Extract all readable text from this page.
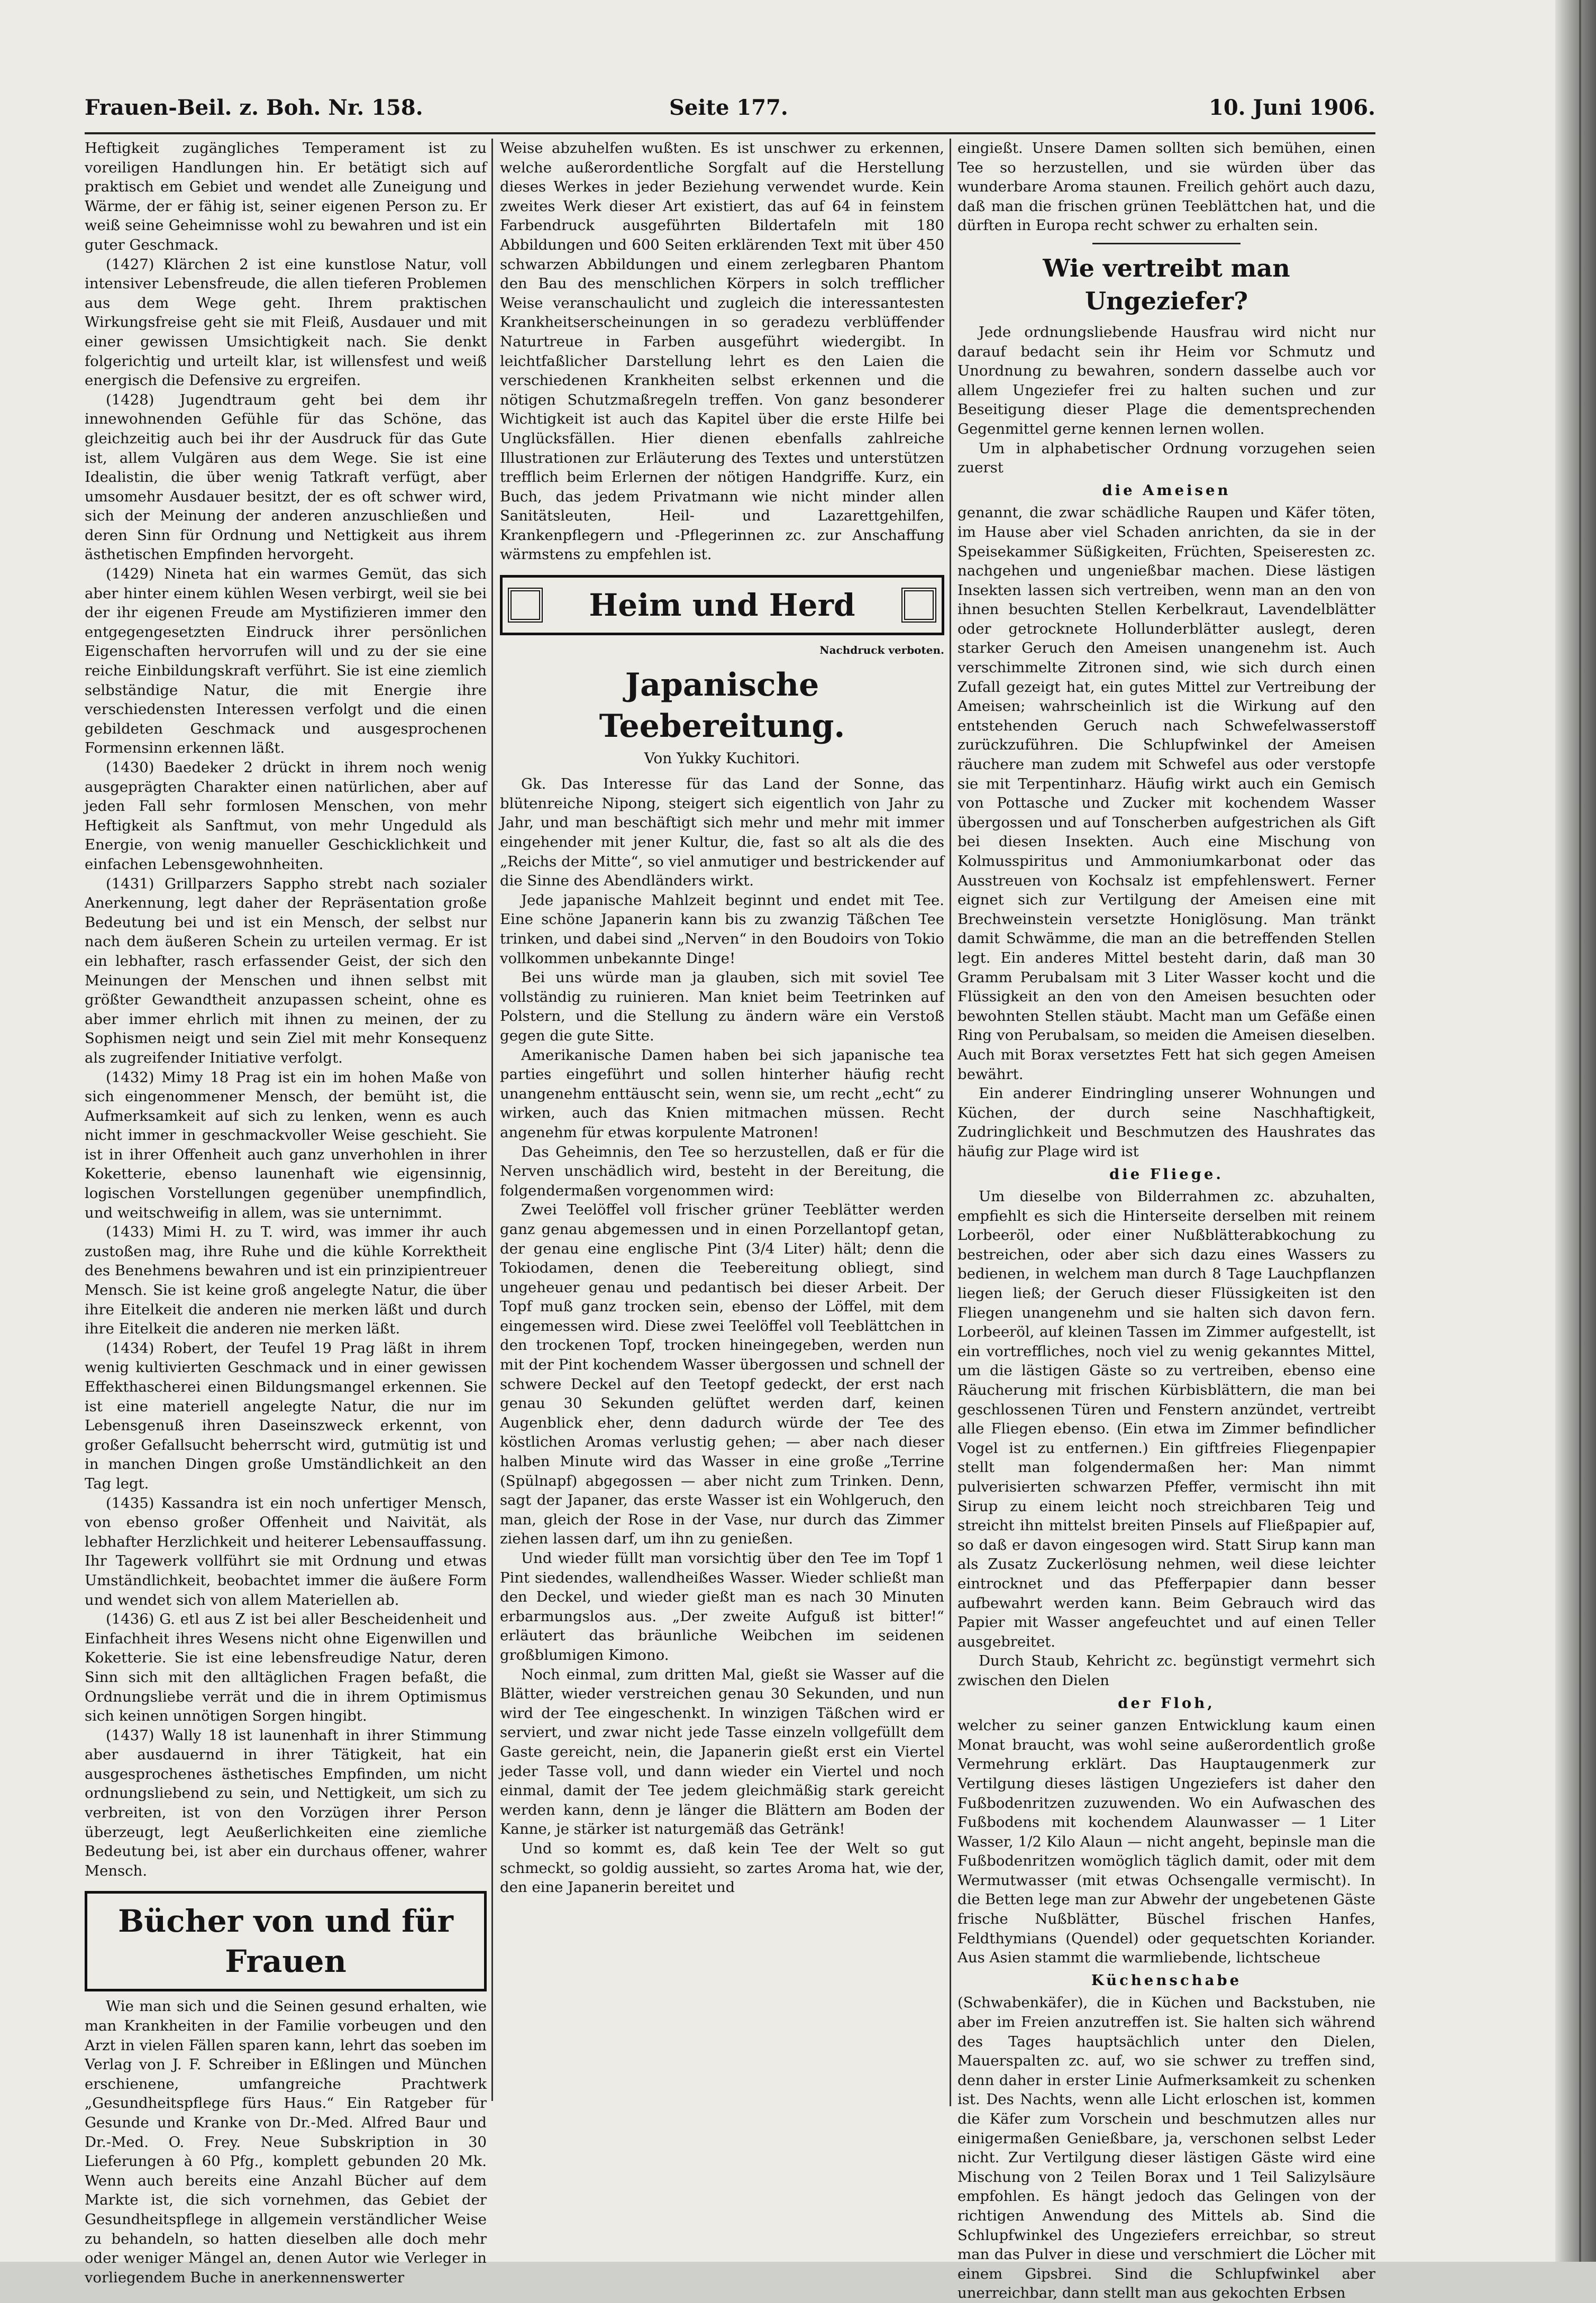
Frauen-Beil. z. Boh. Nr. 158.	Seite 177.	10. Juni 1906.

Heftigkeit zugängliches Temperament ist zu voreiligen Handlungen hin. Er betätigt sich auf praktisch em Gebiet und wendet alle Zuneigung und Wärme, der er fähig ist, seiner eigenen Person zu. Er weiß seine Geheimnisse wohl zu bewahren und ist ein guter Geschmack.

(1427) Klärchen 2 ist eine kunstlose Natur, voll intensiver Lebensfreude, die allen tieferen Problemen aus dem Wege geht. Ihrem praktischen Wirkungsfreise geht sie mit Fleiß, Ausdauer und mit einer gewissen Umsichtigkeit nach. Sie denkt folgerichtig und urteilt klar, ist willensfest und weiß energisch die Defensive zu ergreifen.

(1428) Jugendtraum geht bei dem ihr innewohnenden Gefühle für das Schöne, das gleichzeitig auch bei ihr der Ausdruck für das Gute ist, allem Vulgären aus dem Wege. Sie ist eine Idealistin, die über wenig Tatkraft verfügt, aber umsomehr Ausdauer besitzt, der es oft schwer wird, sich der Meinung der anderen anzuschließen und deren Sinn für Ordnung und Nettigkeit aus ihrem ästhetischen Empfinden hervorgeht.

(1429) Nineta hat ein warmes Gemüt, das sich aber hinter einem kühlen Wesen verbirgt, weil sie bei der ihr eigenen Freude am Mystifizieren immer den entgegengesetzten Eindruck ihrer persönlichen Eigenschaften hervorrufen will und zu der sie eine reiche Einbildungskraft verführt. Sie ist eine ziemlich selbständige Natur, die mit Energie ihre verschiedensten Interessen verfolgt und die einen gebildeten Geschmack und ausgesprochenen Formensinn erkennen läßt.

(1430) Baedeker 2 drückt in ihrem noch wenig ausgeprägten Charakter einen natürlichen, aber auf jeden Fall sehr formlosen Menschen, von mehr Heftigkeit als Sanftmut, von mehr Ungeduld als Energie, von wenig manueller Geschicklichkeit und einfachen Lebensgewohnheiten.

(1431) Grillparzers Sappho strebt nach sozialer Anerkennung, legt daher der Repräsentation große Bedeutung bei und ist ein Mensch, der selbst nur nach dem äußeren Schein zu urteilen vermag. Er ist ein lebhafter, rasch erfassender Geist, der sich den Meinungen der Menschen und ihnen selbst mit größter Gewandtheit anzupassen scheint, ohne es aber immer ehrlich mit ihnen zu meinen, der zu Sophismen neigt und sein Ziel mit mehr Konsequenz als zugreifender Initiative verfolgt.

(1432) Mimy 18 Prag ist ein im hohen Maße von sich eingenommener Mensch, der bemüht ist, die Aufmerksamkeit auf sich zu lenken, wenn es auch nicht immer in geschmackvoller Weise geschieht. Sie ist in ihrer Offenheit auch ganz unverhohlen in ihrer Koketterie, ebenso launenhaft wie eigensinnig, logischen Vorstellungen gegenüber unempfindlich, und weitschweifig in allem, was sie unternimmt.

(1433) Mimi H. zu T. wird, was immer ihr auch zustoßen mag, ihre Ruhe und die kühle Korrektheit des Benehmens bewahren und ist ein prinzipientreuer Mensch. Sie ist keine groß angelegte Natur, die über ihre Eitelkeit die anderen nie merken läßt und durch ihre Eitelkeit die anderen nie merken läßt.

(1434) Robert, der Teufel 19 Prag läßt in ihrem wenig kultivierten Geschmack und in einer gewissen Effekthascherei einen Bildungsmangel erkennen. Sie ist eine materiell angelegte Natur, die nur im Lebensgenuß ihren Daseinszweck erkennt, von großer Gefallsucht beherrscht wird, gutmütig ist und in manchen Dingen große Umständlichkeit an den Tag legt.

(1435) Kassandra ist ein noch unfertiger Mensch, von ebenso großer Offenheit und Naivität, als lebhafter Herzlichkeit und heiterer Lebensauffassung. Ihr Tagewerk vollführt sie mit Ordnung und etwas Umständlichkeit, beobachtet immer die äußere Form und wendet sich von allem Materiellen ab.

(1436) G. etl aus Z ist bei aller Bescheidenheit und Einfachheit ihres Wesens nicht ohne Eigenwillen und Koketterie. Sie ist eine lebensfreudige Natur, deren Sinn sich mit den alltäglichen Fragen befaßt, die Ordnungsliebe verrät und die in ihrem Optimismus sich keinen unnötigen Sorgen hingibt.

(1437) Wally 18 ist launenhaft in ihrer Stimmung aber ausdauernd in ihrer Tätigkeit, hat ein ausgesprochenes ästhetisches Empfinden, um nicht ordnungsliebend zu sein, und Nettigkeit, um sich zu verbreiten, ist von den Vorzügen ihrer Person überzeugt, legt Aeußerlichkeiten eine ziemliche Bedeutung bei, ist aber ein durchaus offener, wahrer Mensch.

Bücher von und für Frauen

Wie man sich und die Seinen gesund erhalten, wie man Krankheiten in der Familie vorbeugen und den Arzt in vielen Fällen sparen kann, lehrt das soeben im Verlag von J. F. Schreiber in Eßlingen und München erschienene, umfangreiche Prachtwerk „Gesundheitspflege fürs Haus.“ Ein Ratgeber für Gesunde und Kranke von Dr.-Med. Alfred Baur und Dr.-Med. O. Frey. Neue Subskription in 30 Lieferungen à 60 Pfg., komplett gebunden 20 Mk. Wenn auch bereits eine Anzahl Bücher auf dem Markte ist, die sich vornehmen, das Gebiet der Gesundheitspflege in allgemein verständlicher Weise zu behandeln, so hatten dieselben alle doch mehr oder weniger Mängel an, denen Autor wie Verleger in vorliegendem Buche in anerkennenswerter

Weise abzuhelfen wußten. Es ist unschwer zu erkennen, welche außerordentliche Sorgfalt auf die Herstellung dieses Werkes in jeder Beziehung verwendet wurde. Kein zweites Werk dieser Art existiert, das auf 64 in feinstem Farbendruck ausgeführten Bildertafeln mit 180 Abbildungen und 600 Seiten erklärenden Text mit über 450 schwarzen Abbildungen und einem zerlegbaren Phantom den Bau des menschlichen Körpers in solch trefflicher Weise veranschaulicht und zugleich die interessantesten Krankheitserscheinungen in so geradezu verblüffender Naturtreue in Farben ausgeführt wiedergibt. In leichtfaßlicher Darstellung lehrt es den Laien die verschiedenen Krankheiten selbst erkennen und die nötigen Schutzmaßregeln treffen. Von ganz besonderer Wichtigkeit ist auch das Kapitel über die erste Hilfe bei Unglücksfällen. Hier dienen ebenfalls zahlreiche Illustrationen zur Erläuterung des Textes und unterstützen trefflich beim Erlernen der nötigen Handgriffe. Kurz, ein Buch, das jedem Privatmann wie nicht minder allen Sanitätsleuten, Heil- und Lazarettgehilfen, Krankenpflegern und -Pflegerinnen zc. zur Anschaffung wärmstens zu empfehlen ist.

Heim und Herd
Nachdruck verboten.
Japanische Teebereitung.
Von Yukky Kuchitori.

Gk. Das Interesse für das Land der Sonne, das blütenreiche Nipong, steigert sich eigentlich von Jahr zu Jahr, und man beschäftigt sich mehr und mehr mit immer eingehender mit jener Kultur, die, fast so alt als die des „Reichs der Mitte“, so viel anmutiger und bestrickender auf die Sinne des Abendländers wirkt.

Jede japanische Mahlzeit beginnt und endet mit Tee. Eine schöne Japanerin kann bis zu zwanzig Täßchen Tee trinken, und dabei sind „Nerven“ in den Boudoirs von Tokio vollkommen unbekannte Dinge!

Bei uns würde man ja glauben, sich mit soviel Tee vollständig zu ruinieren. Man kniet beim Teetrinken auf Polstern, und die Stellung zu ändern wäre ein Verstoß gegen die gute Sitte.

Amerikanische Damen haben bei sich japanische tea parties eingeführt und sollen hinterher häufig recht unangenehm enttäuscht sein, wenn sie, um recht „echt“ zu wirken, auch das Knien mitmachen müssen. Recht angenehm für etwas korpulente Matronen!

Das Geheimnis, den Tee so herzustellen, daß er für die Nerven unschädlich wird, besteht in der Bereitung, die folgendermaßen vorgenommen wird:

Zwei Teelöffel voll frischer grüner Teeblätter werden ganz genau abgemessen und in einen Porzellantopf getan, der genau eine englische Pint (3/4 Liter) hält; denn die Tokiodamen, denen die Teebereitung obliegt, sind ungeheuer genau und pedantisch bei dieser Arbeit. Der Topf muß ganz trocken sein, ebenso der Löffel, mit dem eingemessen wird. Diese zwei Teelöffel voll Teeblättchen in den trockenen Topf, trocken hineingegeben, werden nun mit der Pint kochendem Wasser übergossen und schnell der schwere Deckel auf den Teetopf gedeckt, der erst nach genau 30 Sekunden gelüftet werden darf, keinen Augenblick eher, denn dadurch würde der Tee des köstlichen Aromas verlustig gehen; — aber nach dieser halben Minute wird das Wasser in eine große „Terrine (Spülnapf) abgegossen — aber nicht zum Trinken. Denn, sagt der Japaner, das erste Wasser ist ein Wohlgeruch, den man, gleich der Rose in der Vase, nur durch das Zimmer ziehen lassen darf, um ihn zu genießen.

Und wieder füllt man vorsichtig über den Tee im Topf 1 Pint siedendes, wallendheißes Wasser. Wieder schließt man den Deckel, und wieder gießt man es nach 30 Minuten erbarmungslos aus. „Der zweite Aufguß ist bitter!“ erläutert das bräunliche Weibchen im seidenen großblumigen Kimono.

Noch einmal, zum dritten Mal, gießt sie Wasser auf die Blätter, wieder verstreichen genau 30 Sekunden, und nun wird der Tee eingeschenkt. In winzigen Täßchen wird er serviert, und zwar nicht jede Tasse einzeln vollgefüllt dem Gaste gereicht, nein, die Japanerin gießt erst ein Viertel jeder Tasse voll, und dann wieder ein Viertel und noch einmal, damit der Tee jedem gleichmäßig stark gereicht werden kann, denn je länger die Blättern am Boden der Kanne, je stärker ist naturgemäß das Getränk!

Und so kommt es, daß kein Tee der Welt so gut schmeckt, so goldig aussieht, so zartes Aroma hat, wie der, den eine Japanerin bereitet und

eingießt. Unsere Damen sollten sich bemühen, einen Tee so herzustellen, und sie würden über das wunderbare Aroma staunen. Freilich gehört auch dazu, daß man die frischen grünen Teeblättchen hat, und die dürften in Europa recht schwer zu erhalten sein.

Wie vertreibt man Ungeziefer?

Jede ordnungsliebende Hausfrau wird nicht nur darauf bedacht sein ihr Heim vor Schmutz und Unordnung zu bewahren, sondern dasselbe auch vor allem Ungeziefer frei zu halten suchen und zur Beseitigung dieser Plage die dementsprechenden Gegenmittel gerne kennen lernen wollen.

Um in alphabetischer Ordnung vorzugehen seien zuerst

die Ameisen

genannt, die zwar schädliche Raupen und Käfer töten, im Hause aber viel Schaden anrichten, da sie in der Speisekammer Süßigkeiten, Früchten, Speiseresten zc. nachgehen und ungenießbar machen. Diese lästigen Insekten lassen sich vertreiben, wenn man an den von ihnen besuchten Stellen Kerbelkraut, Lavendelblätter oder getrocknete Hollunderblätter auslegt, deren starker Geruch den Ameisen unangenehm ist. Auch verschimmelte Zitronen sind, wie sich durch einen Zufall gezeigt hat, ein gutes Mittel zur Vertreibung der Ameisen; wahrscheinlich ist die Wirkung auf den entstehenden Geruch nach Schwefelwasserstoff zurückzuführen. Die Schlupfwinkel der Ameisen räuchere man zudem mit Schwefel aus oder verstopfe sie mit Terpentinharz. Häufig wirkt auch ein Gemisch von Pottasche und Zucker mit kochendem Wasser übergossen und auf Tonscherben aufgestrichen als Gift bei diesen Insekten. Auch eine Mischung von Kolmusspiritus und Ammoniumkarbonat oder das Ausstreuen von Kochsalz ist empfehlenswert. Ferner eignet sich zur Vertilgung der Ameisen eine mit Brechweinstein versetzte Honiglösung. Man tränkt damit Schwämme, die man an die betreffenden Stellen legt. Ein anderes Mittel besteht darin, daß man 30 Gramm Perubalsam mit 3 Liter Wasser kocht und die Flüssigkeit an den von den Ameisen besuchten oder bewohnten Stellen stäubt. Macht man um Gefäße einen Ring von Perubalsam, so meiden die Ameisen dieselben. Auch mit Borax versetztes Fett hat sich gegen Ameisen bewährt.

Ein anderer Eindringling unserer Wohnungen und Küchen, der durch seine Naschhaftigkeit, Zudringlichkeit und Beschmutzen des Haushrates das häufig zur Plage wird ist

die Fliege.

Um dieselbe von Bilderrahmen zc. abzuhalten, empfiehlt es sich die Hinterseite derselben mit reinem Lorbeeröl, oder einer Nußblätterabkochung zu bestreichen, oder aber sich dazu eines Wassers zu bedienen, in welchem man durch 8 Tage Lauchpflanzen liegen ließ; der Geruch dieser Flüssigkeiten ist den Fliegen unangenehm und sie halten sich davon fern. Lorbeeröl, auf kleinen Tassen im Zimmer aufgestellt, ist ein vortreffliches, noch viel zu wenig gekanntes Mittel, um die lästigen Gäste so zu vertreiben, ebenso eine Räucherung mit frischen Kürbisblättern, die man bei geschlossenen Türen und Fenstern anzündet, vertreibt alle Fliegen ebenso. (Ein etwa im Zimmer befindlicher Vogel ist zu entfernen.) Ein giftfreies Fliegenpapier stellt man folgendermaßen her: Man nimmt pulverisierten schwarzen Pfeffer, vermischt ihn mit Sirup zu einem leicht noch streichbaren Teig und streicht ihn mittelst breiten Pinsels auf Fließpapier auf, so daß er davon eingesogen wird. Statt Sirup kann man als Zusatz Zuckerlösung nehmen, weil diese leichter eintrocknet und das Pfefferpapier dann besser aufbewahrt werden kann. Beim Gebrauch wird das Papier mit Wasser angefeuchtet und auf einen Teller ausgebreitet.

Durch Staub, Kehricht zc. begünstigt vermehrt sich zwischen den Dielen

der Floh,

welcher zu seiner ganzen Entwicklung kaum einen Monat braucht, was wohl seine außerordentlich große Vermehrung erklärt. Das Hauptaugenmerk zur Vertilgung dieses lästigen Ungeziefers ist daher den Fußbodenritzen zuzuwenden. Wo ein Aufwaschen des Fußbodens mit kochendem Alaunwasser — 1 Liter Wasser, 1/2 Kilo Alaun — nicht angeht, bepinsle man die Fußbodenritzen womöglich täglich damit, oder mit dem Wermutwasser (mit etwas Ochsengalle vermischt). In die Betten lege man zur Abwehr der ungebetenen Gäste frische Nußblätter, Büschel frischen Hanfes, Feldthymians (Quendel) oder gequetschten Koriander. Aus Asien stammt die warmliebende, lichtscheue

Küchenschabe

(Schwabenkäfer), die in Küchen und Backstuben, nie aber im Freien anzutreffen ist. Sie halten sich während des Tages hauptsächlich unter den Dielen, Mauerspalten zc. auf, wo sie schwer zu treffen sind, denn daher in erster Linie Aufmerksamkeit zu schenken ist. Des Nachts, wenn alle Licht erloschen ist, kommen die Käfer zum Vorschein und beschmutzen alles nur einigermaßen Genießbare, ja, verschonen selbst Leder nicht. Zur Vertilgung dieser lästigen Gäste wird eine Mischung von 2 Teilen Borax und 1 Teil Salizylsäure empfohlen. Es hängt jedoch das Gelingen von der richtigen Anwendung des Mittels ab. Sind die Schlupfwinkel des Ungeziefers erreichbar, so streut man das Pulver in diese und verschmiert die Löcher mit einem Gipsbrei. Sind die Schlupfwinkel aber unerreichbar, dann stellt man aus gekochten Erbsen
